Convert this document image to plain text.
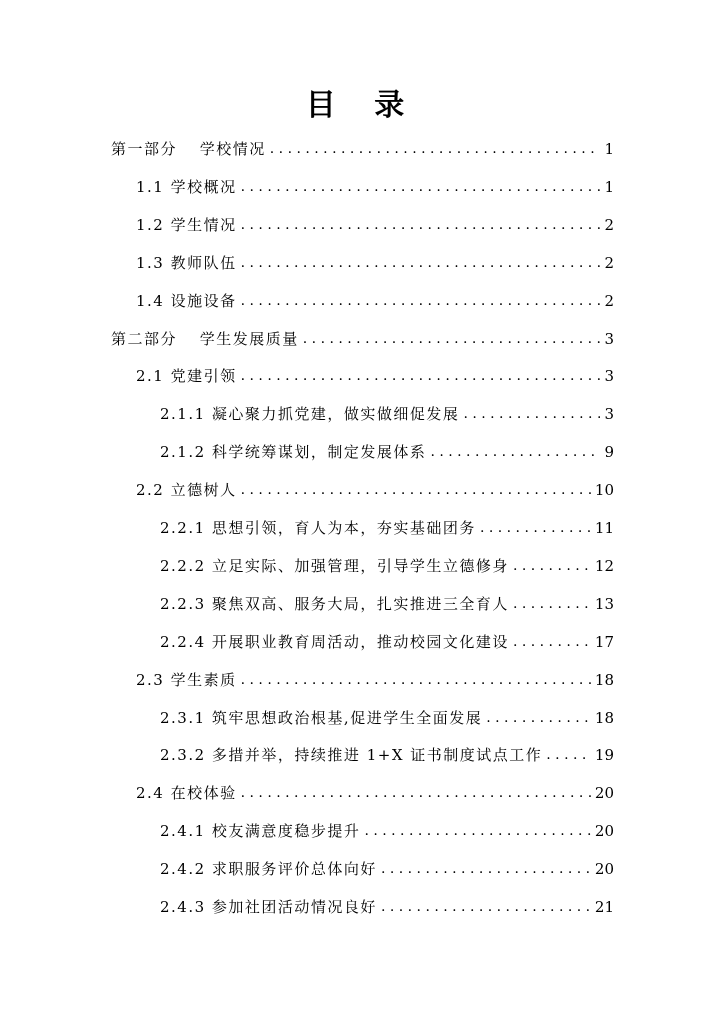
目 录
第一部分　 学校情况 . . .	1
1.1 学校概况 . . .	1
1.2 学生情况 . . .	2
1.3 教师队伍 . . .	2
1.4 设施设备 . . .	2
第二部分　 学生发展质量 . . .	3
2.1 党建引领 . . .	3
2.1.1 凝心聚力抓党建，做实做细促发展 . . .	3
2.1.2 科学统筹谋划，制定发展体系 . . .	9
2.2 立德树人 . . .	10
2.2.1 思想引领，育人为本，夯实基础团务 . . .	11
2.2.2 立足实际、加强管理，引导学生立德修身 . . .	12
2.2.3 聚焦双高、服务大局，扎实推进三全育人 . . .	13
2.2.4 开展职业教育周活动，推动校园文化建设 . . .	17
2.3 学生素质 . . .	18
2.3.1 筑牢思想政治根基,促进学生全面发展 . . .	18
2.3.2 多措并举，持续推进 1+X 证书制度试点工作 . . .	19
2.4 在校体验 . . .	20
2.4.1 校友满意度稳步提升 . . .	20
2.4.2 求职服务评价总体向好 . . .	20
2.4.3 参加社团活动情况良好 . . .	21
